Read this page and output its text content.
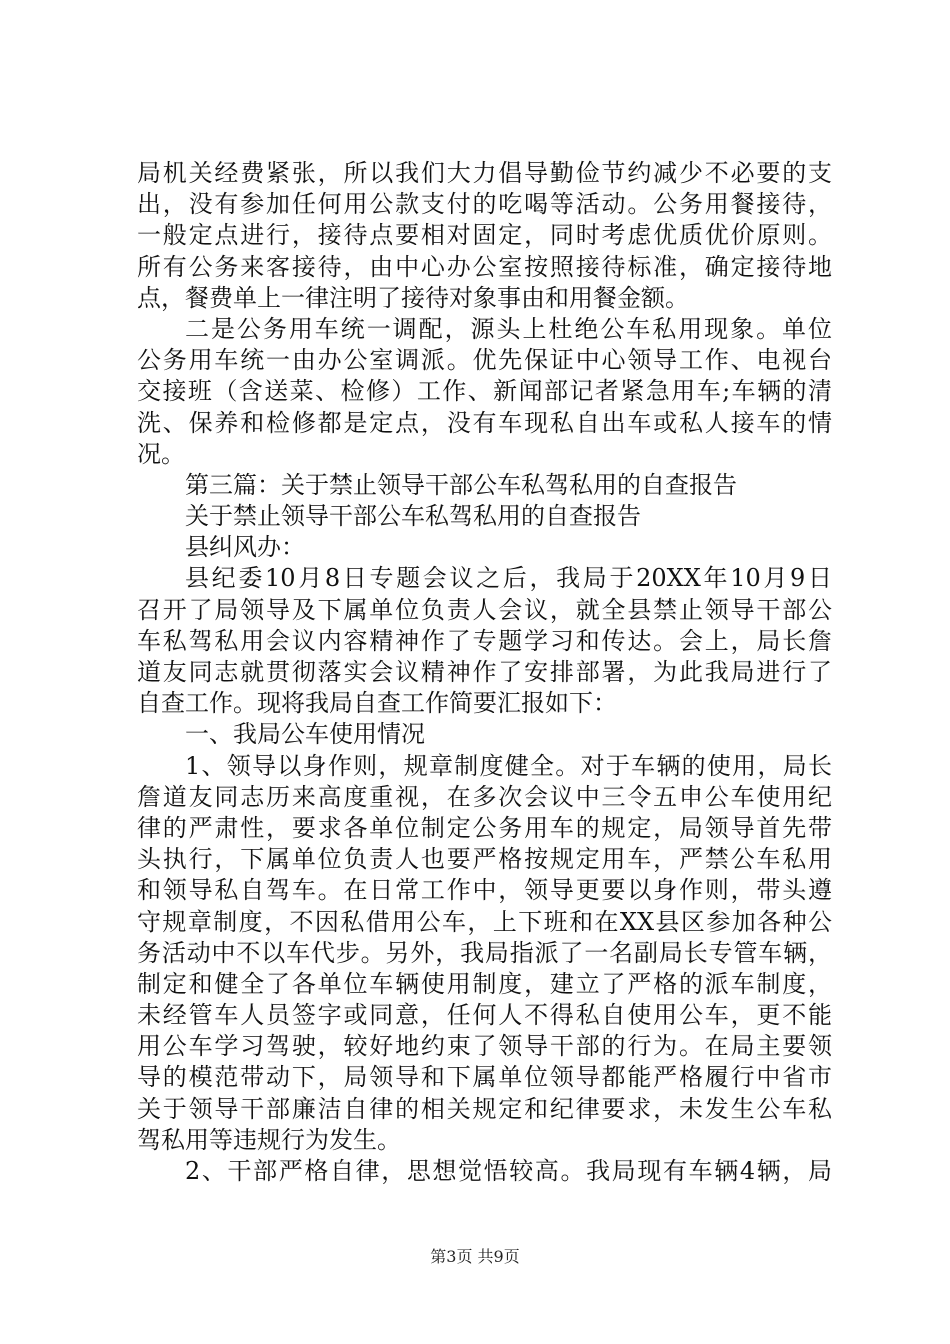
局机关经费紧张，所以我们大力倡导勤俭节约减少不必要的支
出，没有参加任何用公款支付的吃喝等活动。公务用餐接待，
一般定点进行，接待点要相对固定，同时考虑优质优价原则。
所有公务来客接待，由中心办公室按照接待标准，确定接待地
点，餐费单上一律注明了接待对象事由和用餐金额。
二是公务用车统一调配，源头上杜绝公车私用现象。单位
公务用车统一由办公室调派。优先保证中心领导工作、电视台
交接班（含送菜、检修）工作、新闻部记者紧急用车;车辆的清
洗、保养和检修都是定点，没有车现私自出车或私人接车的情
况。
第三篇：关于禁止领导干部公车私驾私用的自查报告
关于禁止领导干部公车私驾私用的自查报告
县纠风办：
县纪委10月8日专题会议之后，我局于20XX年10月9日
召开了局领导及下属单位负责人会议，就全县禁止领导干部公
车私驾私用会议内容精神作了专题学习和传达。会上，局长詹
道友同志就贯彻落实会议精神作了安排部署，为此我局进行了
自查工作。现将我局自查工作简要汇报如下：
一、我局公车使用情况
1、领导以身作则，规章制度健全。对于车辆的使用，局长
詹道友同志历来高度重视，在多次会议中三令五申公车使用纪
律的严肃性，要求各单位制定公务用车的规定，局领导首先带
头执行，下属单位负责人也要严格按规定用车，严禁公车私用
和领导私自驾车。在日常工作中，领导更要以身作则，带头遵
守规章制度，不因私借用公车，上下班和在XX县区参加各种公
务活动中不以车代步。另外，我局指派了一名副局长专管车辆，
制定和健全了各单位车辆使用制度，建立了严格的派车制度，
未经管车人员签字或同意，任何人不得私自使用公车，更不能
用公车学习驾驶，较好地约束了领导干部的行为。在局主要领
导的模范带动下，局领导和下属单位领导都能严格履行中省市
关于领导干部廉洁自律的相关规定和纪律要求，未发生公车私
驾私用等违规行为发生。
2、干部严格自律，思想觉悟较高。我局现有车辆4辆，局
第3页 共9页
